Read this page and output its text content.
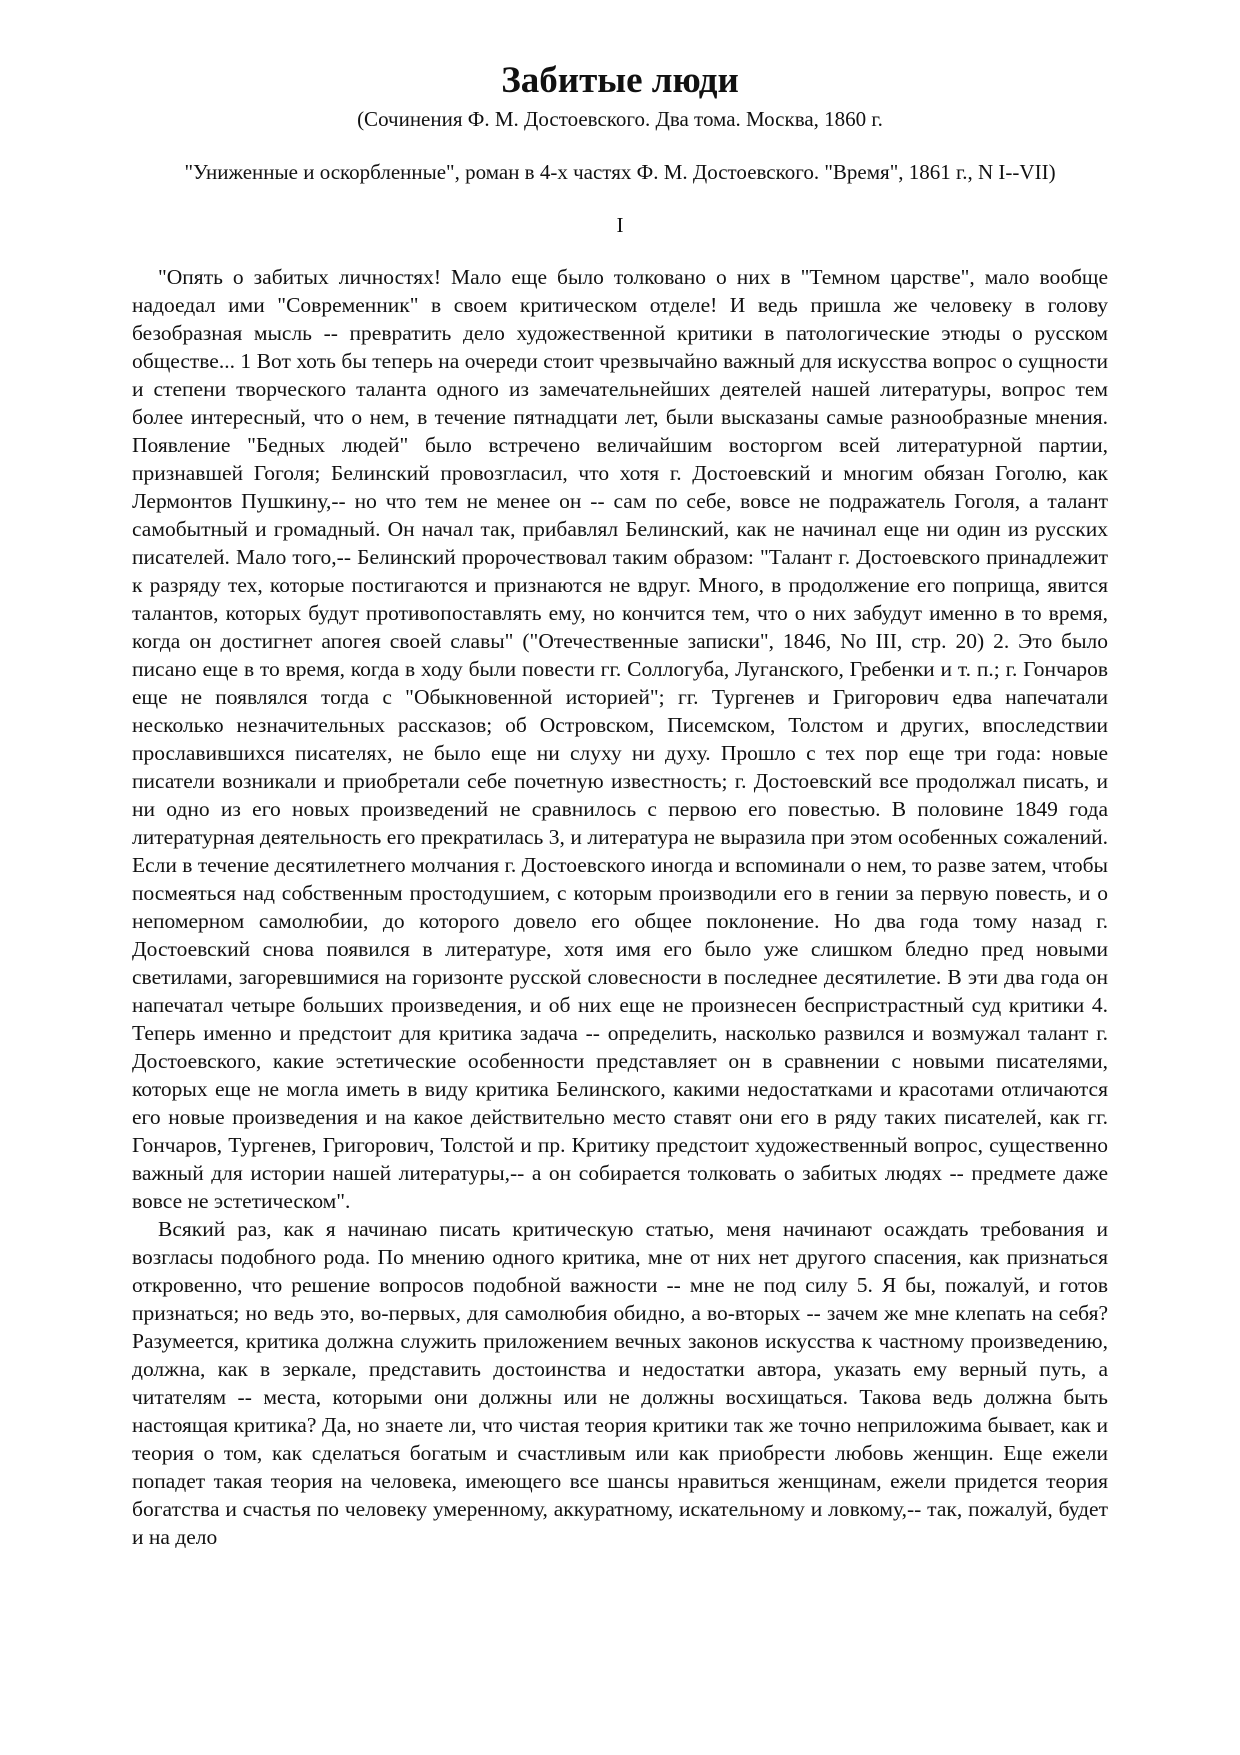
Забитые люди
(Сочинения Ф. М. Достоевского. Два тома. Москва, 1860 г.
"Униженные и оскорбленные", роман в 4-х частях Ф. М. Достоевского. "Время", 1861 г., N I--VII)
I

"Опять о забитых личностях! Мало еще было толковано о них в "Темном царстве", мало вообще надоедал ими "Современник" в своем критическом отделе! И ведь пришла же человеку в голову безобразная мысль -- превратить дело художественной критики в патологические этюды о русском обществе... 1 Вот хоть бы теперь на очереди стоит чрезвычайно важный для искусства вопрос о сущности и степени творческого таланта одного из замечательнейших деятелей нашей литературы, вопрос тем более интересный, что о нем, в течение пятнадцати лет, были высказаны самые разнообразные мнения. Появление "Бедных людей" было встречено величайшим восторгом всей литературной партии, признавшей Гоголя; Белинский провозгласил, что хотя г. Достоевский и многим обязан Гоголю, как Лермонтов Пушкину,-- но что тем не менее он -- сам по себе, вовсе не подражатель Гоголя, а талант самобытный и громадный. Он начал так, прибавлял Белинский, как не начинал еще ни один из русских писателей. Мало того,-- Белинский пророчествовал таким образом: "Талант г. Достоевского принадлежит к разряду тех, которые постигаются и признаются не вдруг. Много, в продолжение его поприща, явится талантов, которых будут противопоставлять ему, но кончится тем, что о них забудут именно в то время, когда он достигнет апогея своей славы" ("Отечественные записки", 1846, No III, стр. 20) 2. Это было писано еще в то время, когда в ходу были повести гг. Соллогуба, Луганского, Гребенки и т. п.; г. Гончаров еще не появлялся тогда с "Обыкновенной историей"; гг. Тургенев и Григорович едва напечатали несколько незначительных рассказов; об Островском, Писемском, Толстом и других, впоследствии прославившихся писателях, не было еще ни слуху ни духу. Прошло с тех пор еще три года: новые писатели возникали и приобретали себе почетную известность; г. Достоевский все продолжал писать, и ни одно из его новых произведений не сравнилось с первою его повестью. В половине 1849 года литературная деятельность его прекратилась 3, и литература не выразила при этом особенных сожалений. Если в течение десятилетнего молчания г. Достоевского иногда и вспоминали о нем, то разве затем, чтобы посмеяться над собственным простодушием, с которым производили его в гении за первую повесть, и о непомерном самолюбии, до которого довело его общее поклонение. Но два года тому назад г. Достоевский снова появился в литературе, хотя имя его было уже слишком бледно пред новыми светилами, загоревшимися на горизонте русской словесности в последнее десятилетие. В эти два года он напечатал четыре больших произведения, и об них еще не произнесен беспристрастный суд критики 4. Теперь именно и предстоит для критика задача -- определить, насколько развился и возмужал талант г. Достоевского, какие эстетические особенности представляет он в сравнении с новыми писателями, которых еще не могла иметь в виду критика Белинского, какими недостатками и красотами отличаются его новые произведения и на какое действительно место ставят они его в ряду таких писателей, как гг. Гончаров, Тургенев, Григорович, Толстой и пр. Критику предстоит художественный вопрос, существенно важный для истории нашей литературы,-- а он собирается толковать о забитых людях -- предмете даже вовсе не эстетическом".

Всякий раз, как я начинаю писать критическую статью, меня начинают осаждать требования и возгласы подобного рода. По мнению одного критика, мне от них нет другого спасения, как признаться откровенно, что решение вопросов подобной важности -- мне не под силу 5. Я бы, пожалуй, и готов признаться; но ведь это, во-первых, для самолюбия обидно, а во-вторых -- зачем же мне клепать на себя? Разумеется, критика должна служить приложением вечных законов искусства к частному произведению, должна, как в зеркале, представить достоинства и недостатки автора, указать ему верный путь, а читателям -- места, которыми они должны или не должны восхищаться. Такова ведь должна быть настоящая критика? Да, но знаете ли, что чистая теория критики так же точно неприложима бывает, как и теория о том, как сделаться богатым и счастливым или как приобрести любовь женщин. Еще ежели попадет такая теория на человека, имеющего все шансы нравиться женщинам, ежели придется теория богатства и счастья по человеку умеренному, аккуратному, искательному и ловкому,-- так, пожалуй, будет и на дело
